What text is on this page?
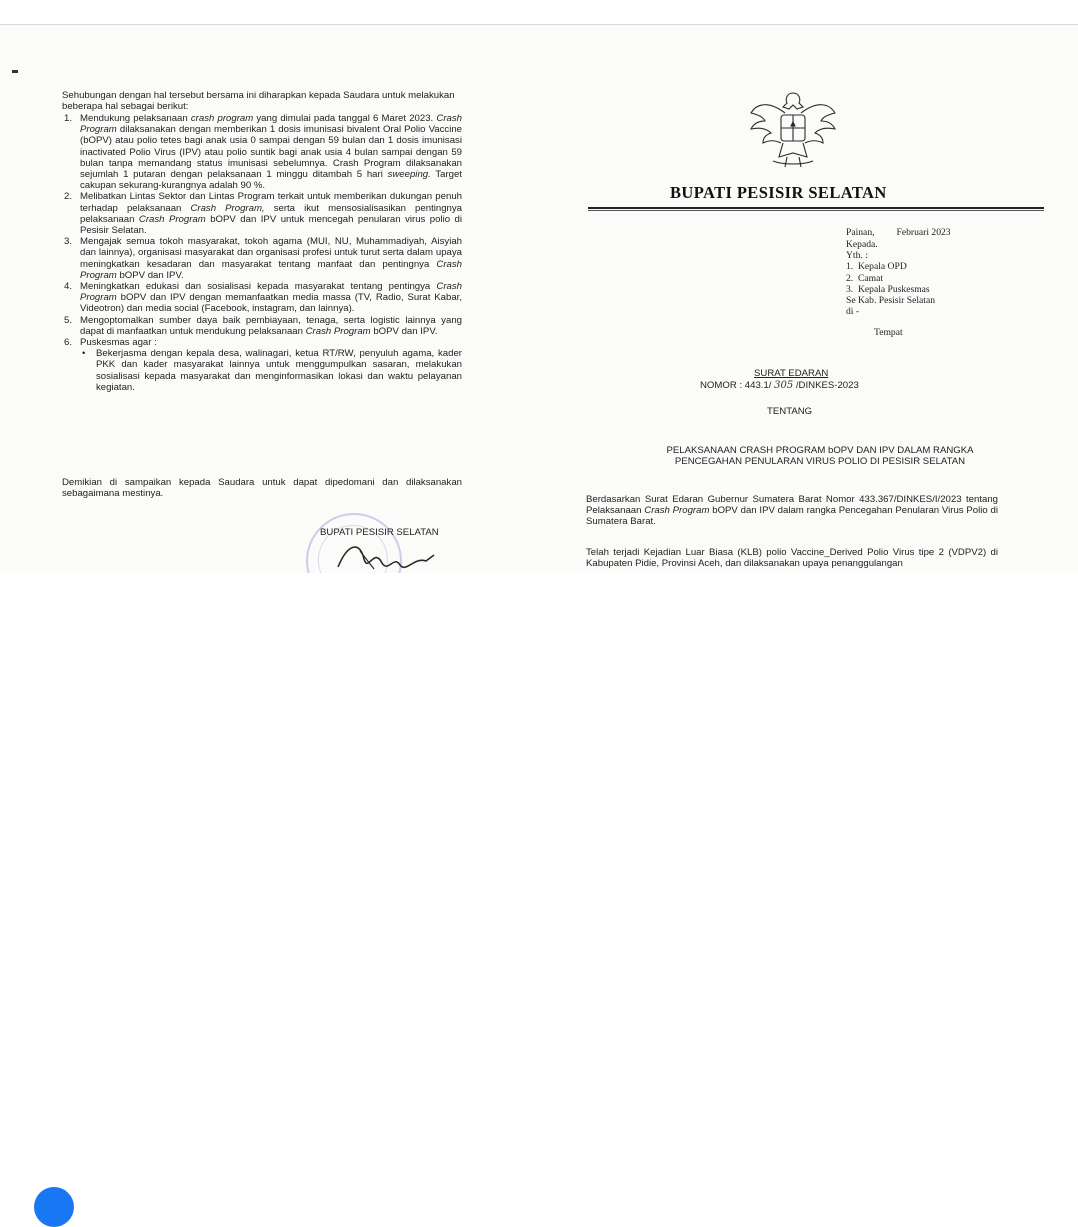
Sehubungan dengan hal tersebut bersama ini diharapkan kepada Saudara untuk melakukan beberapa hal sebagai berikut:
1. Mendukung pelaksanaan crash program yang dimulai pada tanggal 6 Maret 2023. Crash Program dilaksanakan dengan memberikan 1 dosis imunisasi bivalent Oral Polio Vaccine (bOPV) atau polio tetes bagi anak usia 0 sampai dengan 59 bulan dan 1 dosis imunisasi inactivated Polio Virus (IPV) atau polio suntik bagi anak usia 4 bulan sampai dengan 59 bulan tanpa memandang status imunisasi sebelumnya. Crash Program dilaksanakan sejumlah 1 putaran dengan pelaksanaan 1 minggu ditambah 5 hari sweeping. Target cakupan sekurang-kurangnya adalah 90 %.
2. Melibatkan Lintas Sektor dan Lintas Program terkait untuk memberikan dukungan penuh terhadap pelaksanaan Crash Program, serta ikut mensosialisasikan pentingnya pelaksanaan Crash Program bOPV dan IPV untuk mencegah penularan virus polio di Pesisir Selatan.
3. Mengajak semua tokoh masyarakat, tokoh agama (MUI, NU, Muhammadiyah, Aisyiah dan lainnya), organisasi masyarakat dan organisasi profesi untuk turut serta dalam upaya meningkatkan kesadaran dan masyarakat tentang manfaat dan pentingnya Crash Program bOPV dan IPV.
4. Meningkatkan edukasi dan sosialisasi kepada masyarakat tentang pentingya Crash Program bOPV dan IPV dengan memanfaatkan media massa (TV, Radio, Surat Kabar, Videotron) dan media social (Facebook, instagram, dan lainnya).
5. Mengoptomalkan sumber daya baik pembiayaan, tenaga, serta logistic lainnya yang dapat di manfaatkan untuk mendukung pelaksanaan Crash Program bOPV dan IPV.
6. Puskesmas agar :
•	Bekerjasma dengan kepala desa, walinagari, ketua RT/RW, penyuluh agama, kader PKK dan kader masyarakat lainnya untuk menggumpulkan sasaran, melakukan sosialisasi kepada masyarakat dan menginformasikan lokasi dan waktu pelayanan kegiatan.
Demikian di sampaikan kepada Saudara untuk dapat dipedomani dan dilaksanakan sebagaimana mestinya.
BUPATI PESISIR SELATAN
BUPATI PESISIR SELATAN
Painan, Februari 2023
Kepada.
Yth. :
1.  Kepala OPD
2.  Camat
3.  Kepala Puskesmas
Se Kab. Pesisir Selatan
di -
Tempat
SURAT EDARAN
NOMOR : 443.1/ 305 /DINKES-2023
TENTANG
PELAKSANAAN CRASH PROGRAM bOPV DAN IPV DALAM RANGKA
PENCEGAHAN PENULARAN VIRUS POLIO DI PESISIR SELATAN
Berdasarkan Surat Edaran Gubernur Sumatera Barat Nomor 433.367/DINKES/I/2023 tentang Pelaksanaan Crash Program bOPV dan IPV dalam rangka Pencegahan Penularan Virus Polio di Sumatera Barat.
Telah terjadi Kejadian Luar Biasa (KLB) polio Vaccine_Derived Polio Virus tipe 2 (VDPV2) di Kabupaten Pidie, Provinsi Aceh, dan dilaksanakan upaya penanggulangan
